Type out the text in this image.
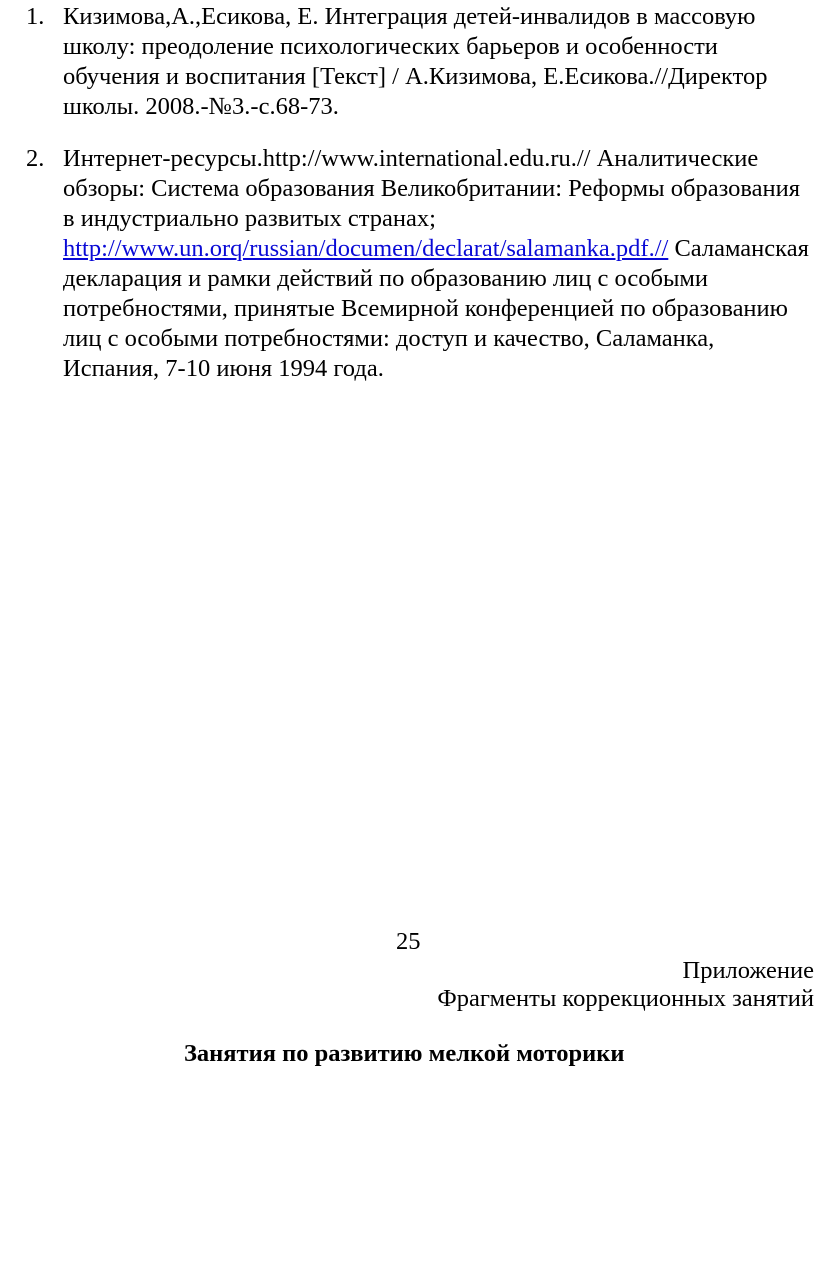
1. Кизимова,А.,Есикова, Е. Интеграция детей-инвалидов в массовую школу: преодоление психологических барьеров и особенности обучения и воспитания [Текст] / А.Кизимова, Е.Есикова.//Директор школы. 2008.-№3.-с.68-73.
2. Интернет-ресурсы.http://www.international.edu.ru.// Аналитические обзоры: Система образования Великобритании: Реформы образования в индустриально развитых странах; http://www.un.orq/russian/documen/declarat/salamanka.pdf.// Саламанская декларация и рамки действий по образованию лиц с особыми потребностями, принятые Всемирной конференцией по образованию лиц с особыми потребностями: доступ и качество, Саламанка, Испания, 7-10 июня 1994 года.
25
Приложение
Фрагменты коррекционных занятий
Занятия по развитию мелкой моторики
